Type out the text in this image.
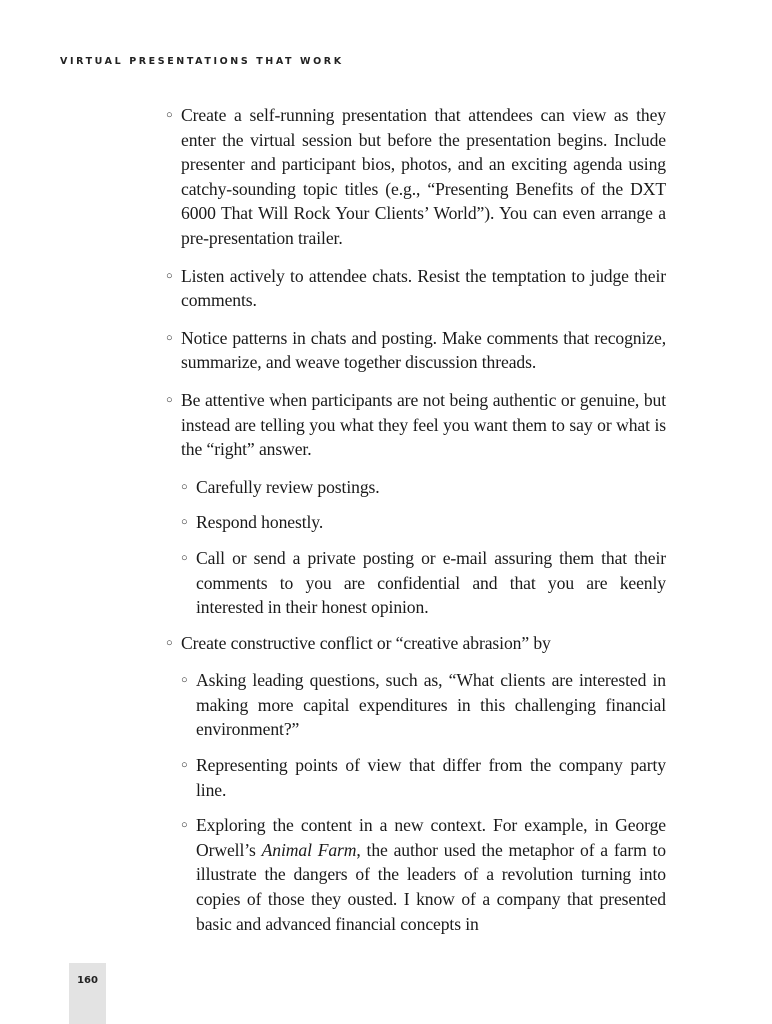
VIRTUAL PRESENTATIONS THAT WORK
○ Create a self-running presentation that attendees can view as they enter the virtual session but before the presentation begins. Include presenter and participant bios, photos, and an exciting agenda using catchy-sounding topic titles (e.g., “Presenting Benefits of the DXT 6000 That Will Rock Your Clients’ World”). You can even arrange a pre-presentation trailer.
○ Listen actively to attendee chats. Resist the temptation to judge their comments.
○ Notice patterns in chats and posting. Make comments that recognize, summarize, and weave together discussion threads.
○ Be attentive when participants are not being authentic or genuine, but instead are telling you what they feel you want them to say or what is the “right” answer.
○ Carefully review postings.
○ Respond honestly.
○ Call or send a private posting or e-mail assuring them that their comments to you are confidential and that you are keenly interested in their honest opinion.
○ Create constructive conflict or “creative abrasion” by
○ Asking leading questions, such as, “What clients are interested in making more capital expenditures in this challenging financial environment?”
○ Representing points of view that differ from the company party line.
○ Exploring the content in a new context. For example, in George Orwell’s Animal Farm, the author used the metaphor of a farm to illustrate the dangers of the leaders of a revolution turning into copies of those they ousted. I know of a company that presented basic and advanced financial concepts in
160
